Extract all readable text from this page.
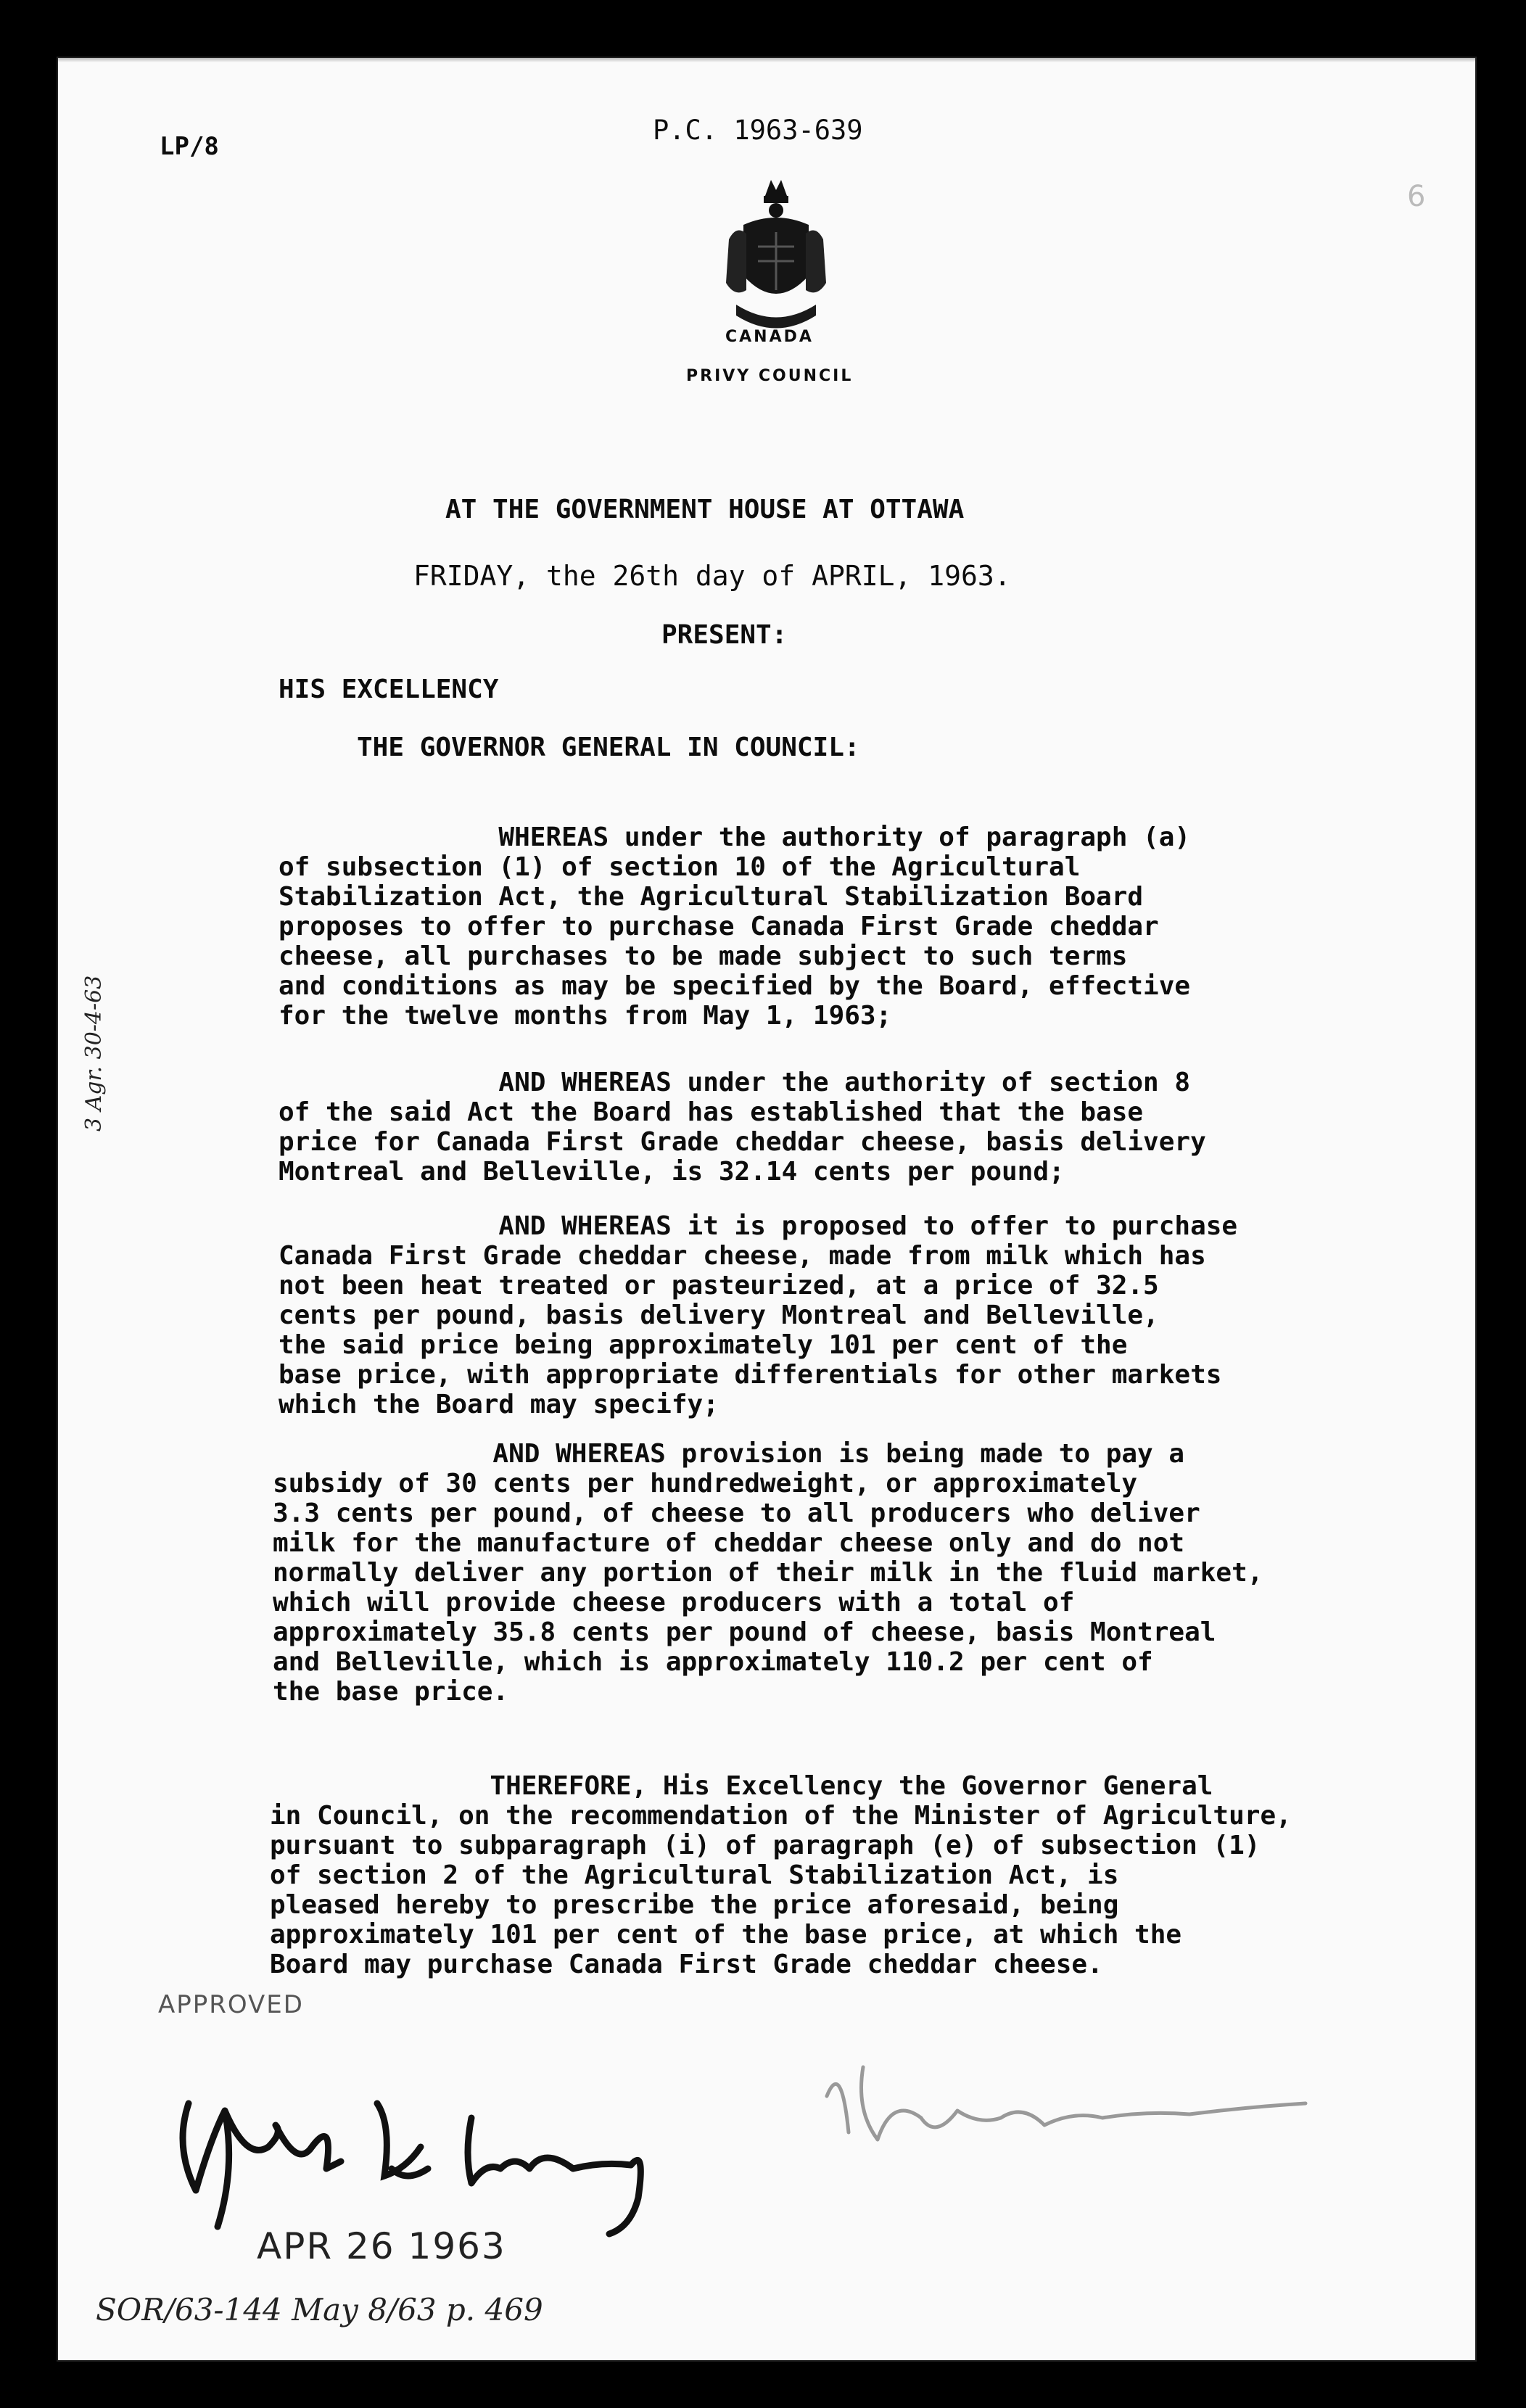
LP/8
P.C. 1963-639
6
CANADA
PRIVY COUNCIL
AT THE GOVERNMENT HOUSE AT OTTAWA
FRIDAY, the 26th day of APRIL, 1963.
PRESENT:
HIS EXCELLENCY
THE GOVERNOR GENERAL IN COUNCIL:
WHEREAS under the authority of paragraph (a)
of subsection (1) of section 10 of the Agricultural
Stabilization Act, the Agricultural Stabilization Board
proposes to offer to purchase Canada First Grade cheddar
cheese, all purchases to be made subject to such terms
and conditions as may be specified by the Board, effective
for the twelve months from May 1, 1963;
AND WHEREAS under the authority of section 8
of the said Act the Board has established that the base
price for Canada First Grade cheddar cheese, basis delivery
Montreal and Belleville, is 32.14 cents per pound;
AND WHEREAS it is proposed to offer to purchase
Canada First Grade cheddar cheese, made from milk which has
not been heat treated or pasteurized, at a price of 32.5
cents per pound, basis delivery Montreal and Belleville,
the said price being approximately 101 per cent of the
base price, with appropriate differentials for other markets
which the Board may specify;
AND WHEREAS provision is being made to pay a
subsidy of 30 cents per hundredweight, or approximately
3.3 cents per pound, of cheese to all producers who deliver
milk for the manufacture of cheddar cheese only and do not
normally deliver any portion of their milk in the fluid market,
which will provide cheese producers with a total of
approximately 35.8 cents per pound of cheese, basis Montreal
and Belleville, which is approximately 110.2 per cent of
the base price.
THEREFORE, His Excellency the Governor General
in Council, on the recommendation of the Minister of Agriculture,
pursuant to subparagraph (i) of paragraph (e) of subsection (1)
of section 2 of the Agricultural Stabilization Act, is
pleased hereby to prescribe the price aforesaid, being
approximately 101 per cent of the base price, at which the
Board may purchase Canada First Grade cheddar cheese.
3 Agr. 30-4-63
APPROVED
APR 26 1963
SOR/63-144 May 8/63 p. 469
